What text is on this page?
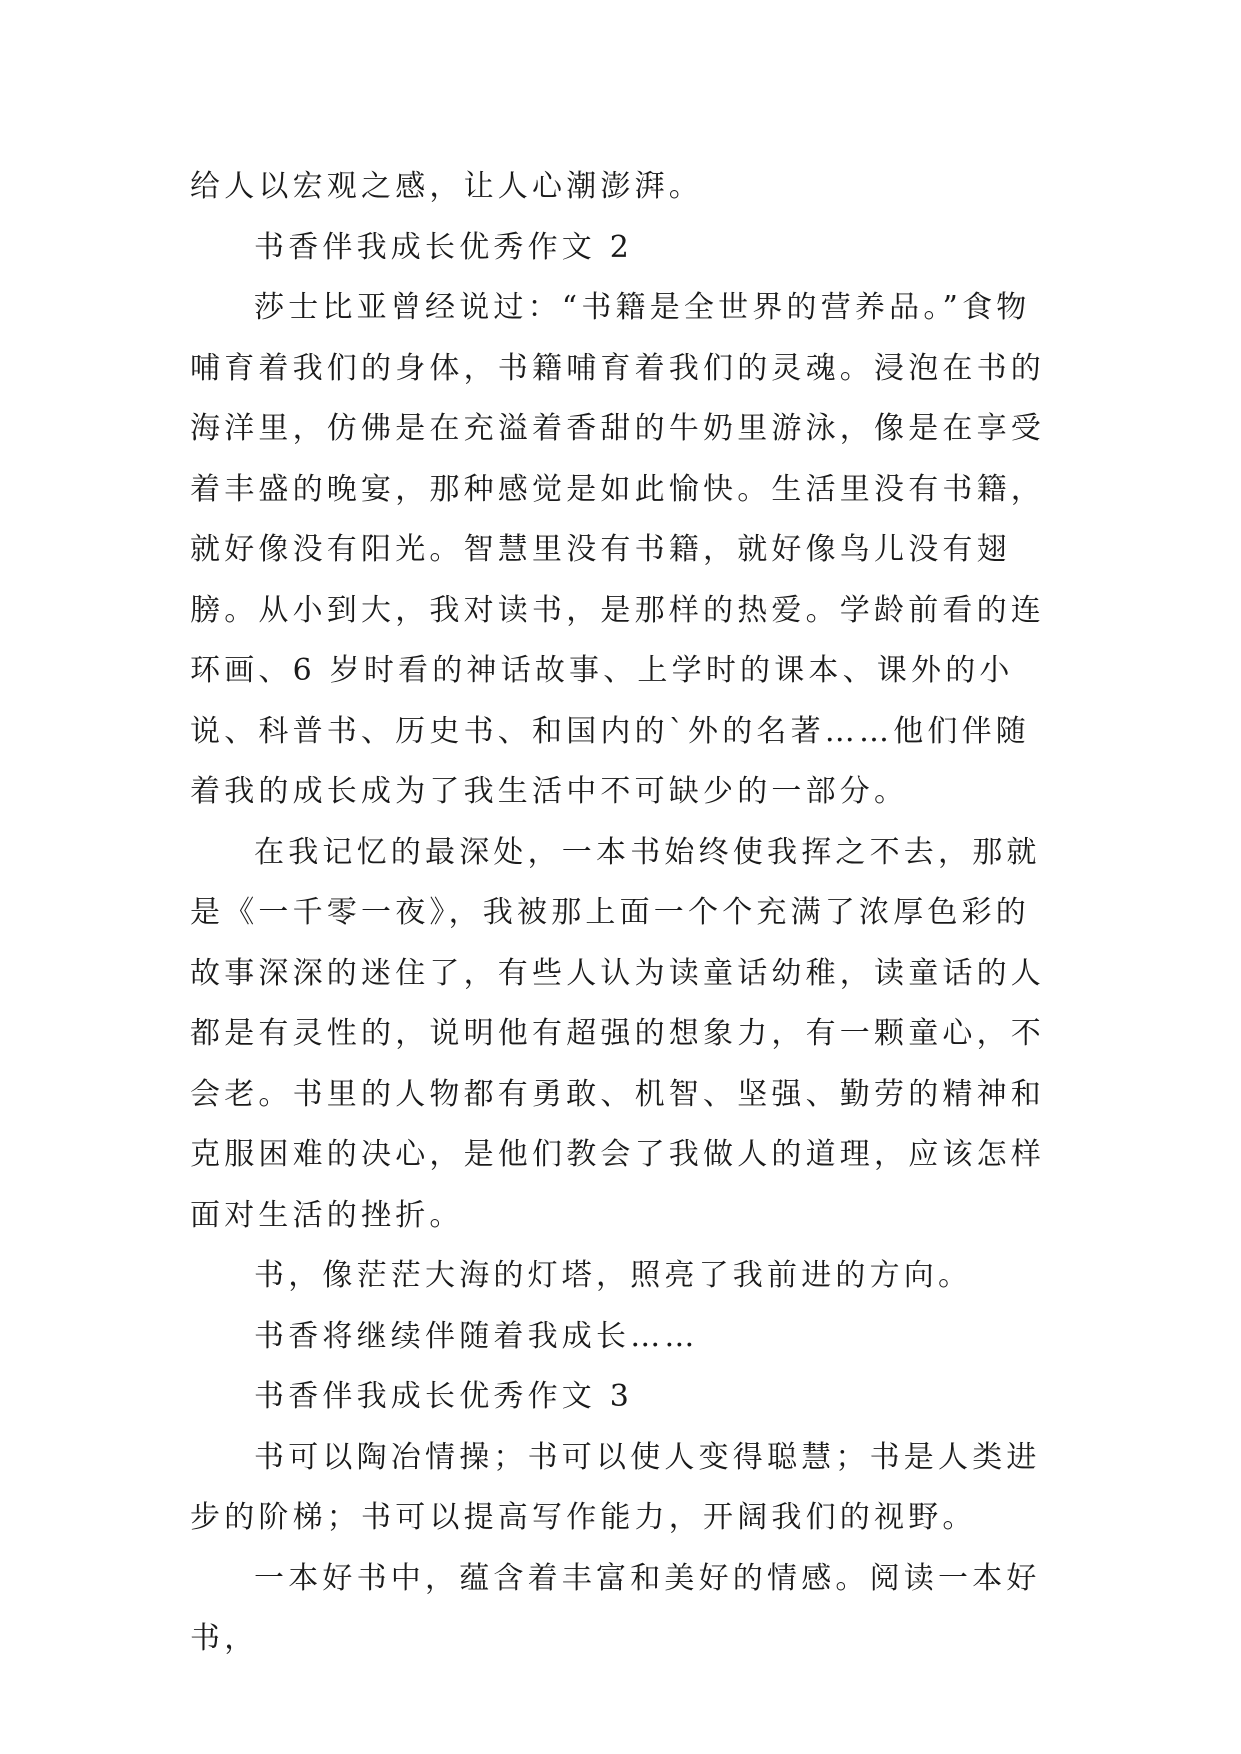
给人以宏观之感，让人心潮澎湃。

书香伴我成长优秀作文 2

莎士比亚曾经说过：“书籍是全世界的营养品。”食物哺育着我们的身体，书籍哺育着我们的灵魂。浸泡在书的海洋里，仿佛是在充溢着香甜的牛奶里游泳，像是在享受着丰盛的晚宴，那种感觉是如此愉快。生活里没有书籍，就好像没有阳光。智慧里没有书籍，就好像鸟儿没有翅膀。从小到大，我对读书，是那样的热爱。学龄前看的连环画、6 岁时看的神话故事、上学时的课本、课外的小说、科普书、历史书、和国内的`外的名著……他们伴随着我的成长成为了我生活中不可缺少的一部分。

在我记忆的最深处，一本书始终使我挥之不去，那就是《一千零一夜》，我被那上面一个个充满了浓厚色彩的故事深深的迷住了，有些人认为读童话幼稚，读童话的人都是有灵性的，说明他有超强的想象力，有一颗童心，不会老。书里的人物都有勇敢、机智、坚强、勤劳的精神和克服困难的决心，是他们教会了我做人的道理，应该怎样面对生活的挫折。

书，像茫茫大海的灯塔，照亮了我前进的方向。

书香将继续伴随着我成长……

书香伴我成长优秀作文 3

书可以陶冶情操；书可以使人变得聪慧；书是人类进步的阶梯；书可以提高写作能力，开阔我们的视野。

一本好书中，蕴含着丰富和美好的情感。阅读一本好书，
